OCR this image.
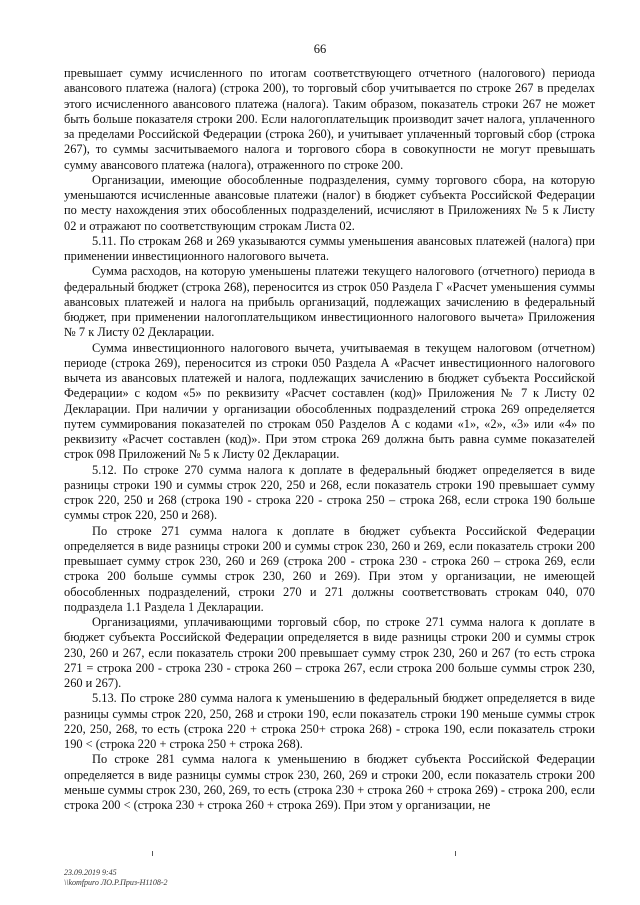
66

превышает сумму исчисленного по итогам соответствующего отчетного (налогового) периода авансового платежа (налога) (строка 200), то торговый сбор учитывается по строке 267 в пределах этого исчисленного авансового платежа (налога). Таким образом, показатель строки 267 не может быть больше показателя строки 200. Если налогоплательщик производит зачет налога, уплаченного за пределами Российской Федерации (строка 260), и учитывает уплаченный торговый сбор (строка 267), то суммы засчитываемого налога и торгового сбора в совокупности не могут превышать сумму авансового платежа (налога), отраженного по строке 200.

Организации, имеющие обособленные подразделения, сумму торгового сбора, на которую уменьшаются исчисленные авансовые платежи (налог) в бюджет субъекта Российской Федерации по месту нахождения этих обособленных подразделений, исчисляют в Приложениях № 5 к Листу 02 и отражают по соответствующим строкам Листа 02.

5.11. По строкам 268 и 269 указываются суммы уменьшения авансовых платежей (налога) при применении инвестиционного налогового вычета.

Сумма расходов, на которую уменьшены платежи текущего налогового (отчетного) периода в федеральный бюджет (строка 268), переносится из строк 050 Раздела Г «Расчет уменьшения суммы авансовых платежей и налога на прибыль организаций, подлежащих зачислению в федеральный бюджет, при применении налогоплательщиком инвестиционного налогового вычета» Приложения № 7 к Листу 02 Декларации.

Сумма инвестиционного налогового вычета, учитываемая в текущем налоговом (отчетном) периоде (строка 269), переносится из строки 050 Раздела А «Расчет инвестиционного налогового вычета из авансовых платежей и налога, подлежащих зачислению в бюджет субъекта Российской Федерации» с кодом «5» по реквизиту «Расчет составлен (код)» Приложения № 7 к Листу 02 Декларации. При наличии у организации обособленных подразделений строка 269 определяется путем суммирования показателей по строкам 050 Разделов А с кодами «1», «2», «3» или «4» по реквизиту «Расчет составлен (код)». При этом строка 269 должна быть равна сумме показателей строк 098 Приложений № 5 к Листу 02 Декларации.

5.12. По строке 270 сумма налога к доплате в федеральный бюджет определяется в виде разницы строки 190 и суммы строк 220, 250 и 268, если показатель строки 190 превышает сумму строк 220, 250 и 268 (строка 190 - строка 220 - строка 250 – строка 268, если строка 190 больше суммы строк 220, 250 и 268).

По строке 271 сумма налога к доплате в бюджет субъекта Российской Федерации определяется в виде разницы строки 200 и суммы строк 230, 260 и 269, если показатель строки 200 превышает сумму строк 230, 260 и 269 (строка 200 - строка 230 - строка 260 – строка 269, если строка 200 больше суммы строк 230, 260 и 269). При этом у организации, не имеющей обособленных подразделений, строки 270 и 271 должны соответствовать строкам 040, 070 подраздела 1.1 Раздела 1 Декларации.

Организациями, уплачивающими торговый сбор, по строке 271 сумма налога к доплате в бюджет субъекта Российской Федерации определяется в виде разницы строки 200 и суммы строк 230, 260 и 267, если показатель строки 200 превышает сумму строк 230, 260 и 267 (то есть строка 271 = строка 200 - строка 230 - строка 260 – строка 267, если строка 200 больше суммы строк 230, 260 и 267).

5.13. По строке 280 сумма налога к уменьшению в федеральный бюджет определяется в виде разницы суммы строк 220, 250, 268 и строки 190, если показатель строки 190 меньше суммы строк 220, 250, 268, то есть (строка 220 + строка 250+ строка 268) - строка 190, если показатель строки 190 < (строка 220 + строка 250 + строка 268).

По строке 281 сумма налога к уменьшению в бюджет субъекта Российской Федерации определяется в виде разницы суммы строк 230, 260, 269 и строки 200, если показатель строки 200 меньше суммы строк 230, 260, 269, то есть (строка 230 + строка 260 + строка 269) - строка 200, если строка 200 < (строка 230 + строка 260 + строка 269). При этом у организации, не

23.09.2019 9:45
\\komfpuro ЛО.Р.Приз-Н1108-2
